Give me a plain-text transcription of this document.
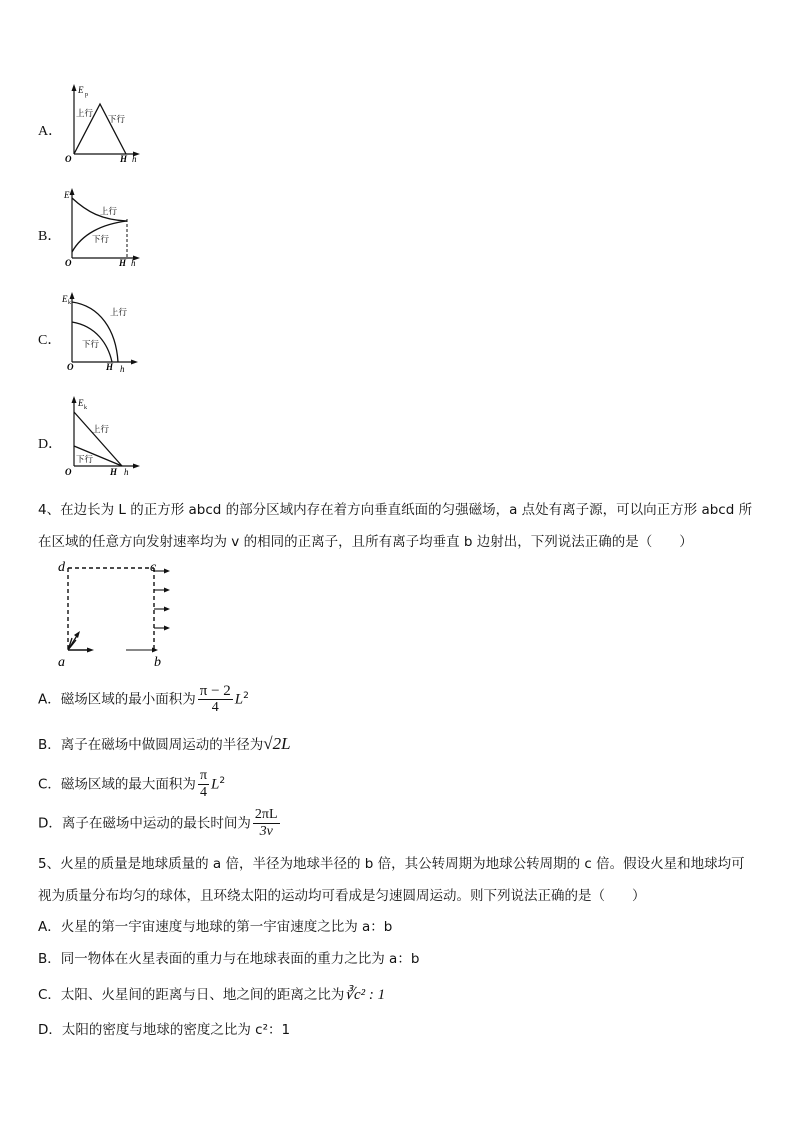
A．
E p
上行
下行
O	H h
B．
E
上行
下行
O	H h
C．
E k
上行
下行
O	H h
D．
E k
上行
下行
O	H h
4、在边长为 L 的正方形 abcd 的部分区域内存在着方向垂直纸面的匀强磁场，a 点处有离子源，可以向正方形 abcd 所
在区域的任意方向发射速率均为 v 的相同的正离子，且所有离子均垂直 b 边射出，下列说法正确的是（　　）
d	c
a	b
A．磁场区域的最小面积为 $\frac{\pi - 2}{4} L^2$
B．离子在磁场中做圆周运动的半径为√2L
C．磁场区域的最大面积为 $\frac{\pi}{4} L^2$
D．离子在磁场中运动的最长时间为 $\frac{2\pi L}{3v}$
5、火星的质量是地球质量的 a 倍，半径为地球半径的 b 倍，其公转周期为地球公转周期的 c 倍。假设火星和地球均可
视为质量分布均匀的球体，且环绕太阳的运动均可看成是匀速圆周运动。则下列说法正确的是（　　）
A．火星的第一宇宙速度与地球的第一宇宙速度之比为 a：b
B．同一物体在火星表面的重力与在地球表面的重力之比为 a：b
C．太阳、火星间的距离与日、地之间的距离之比为∛c² : 1
D．太阳的密度与地球的密度之比为 c²：1
